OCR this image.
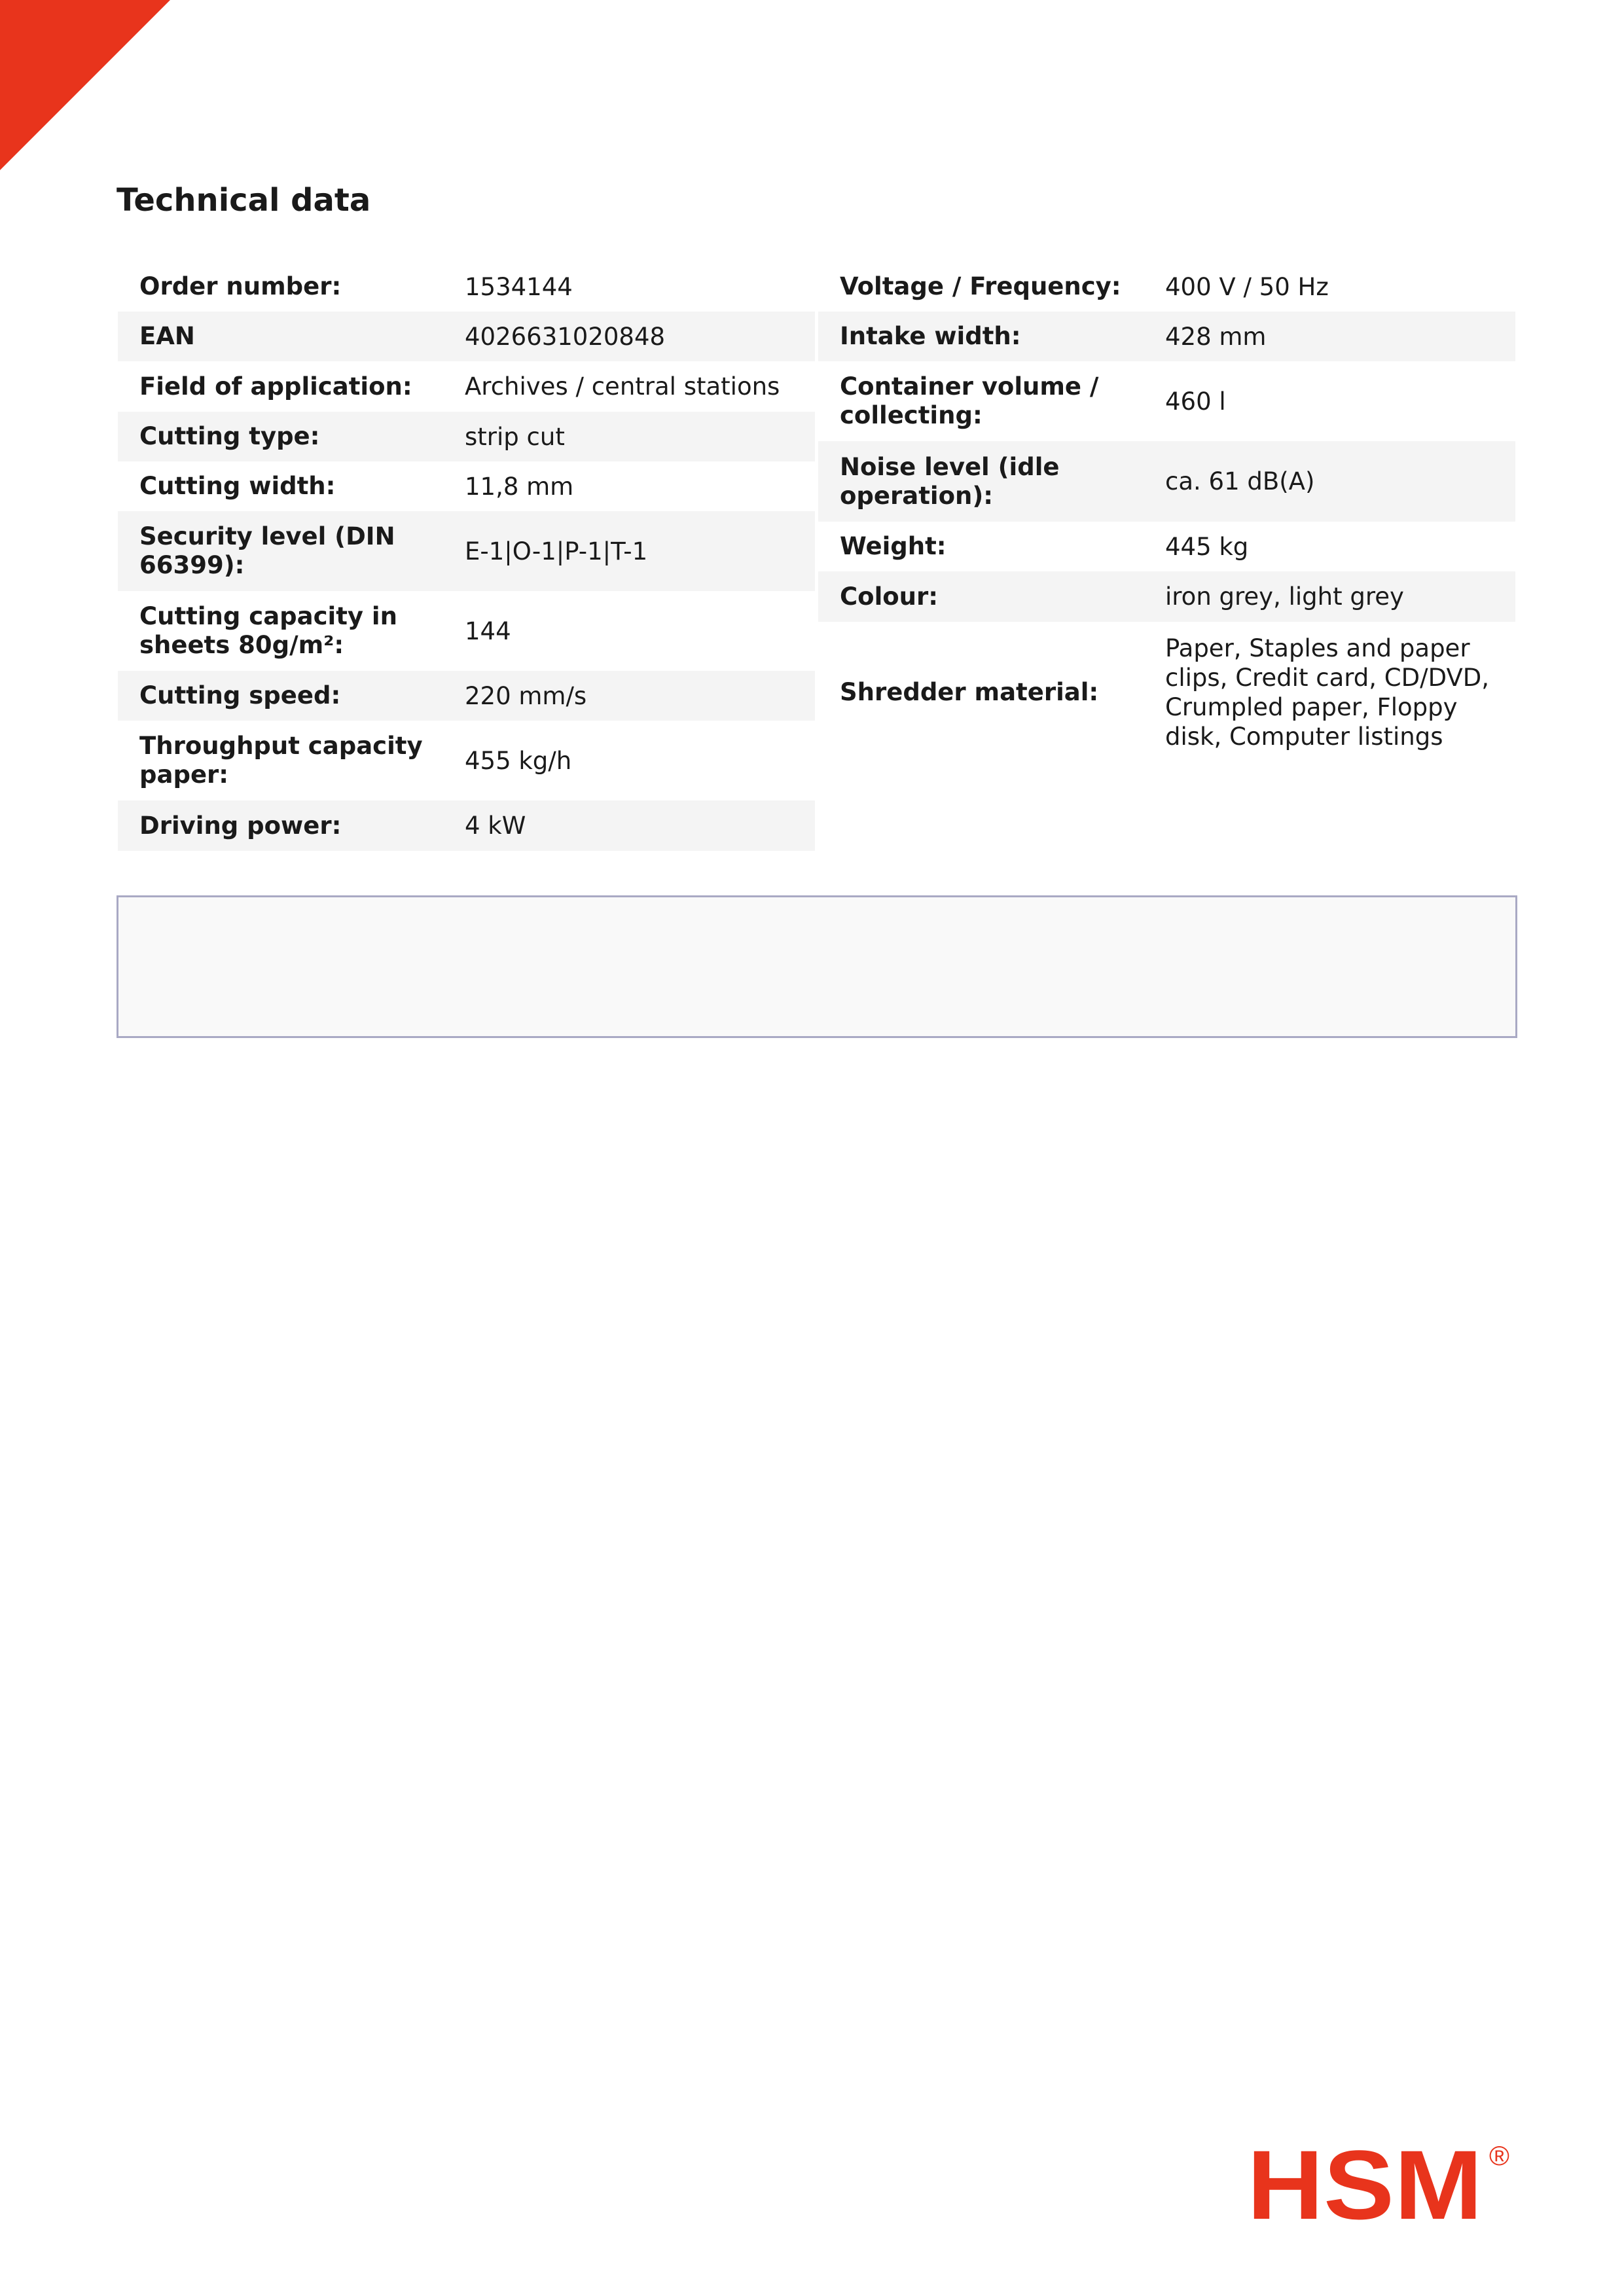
Technical data
Order number:	1534144
EAN	4026631020848
Field of application:	Archives / central stations
Cutting type:	strip cut
Cutting width:	11,8 mm
Security level (DIN 66399):	E-1|O-1|P-1|T-1
Cutting capacity in sheets 80g/m²:	144
Cutting speed:	220 mm/s
Throughput capacity paper:	455 kg/h
Driving power:	4 kW
Voltage / Frequency:	400 V / 50 Hz
Intake width:	428 mm
Container volume / collecting:	460 l
Noise level (idle operation):	ca. 61 dB(A)
Weight:	445 kg
Colour:	iron grey, light grey
Shredder material:
Paper, Staples and paper clips, Credit card, CD/DVD, Crumpled paper, Floppy disk, Computer listings
HSM ®
